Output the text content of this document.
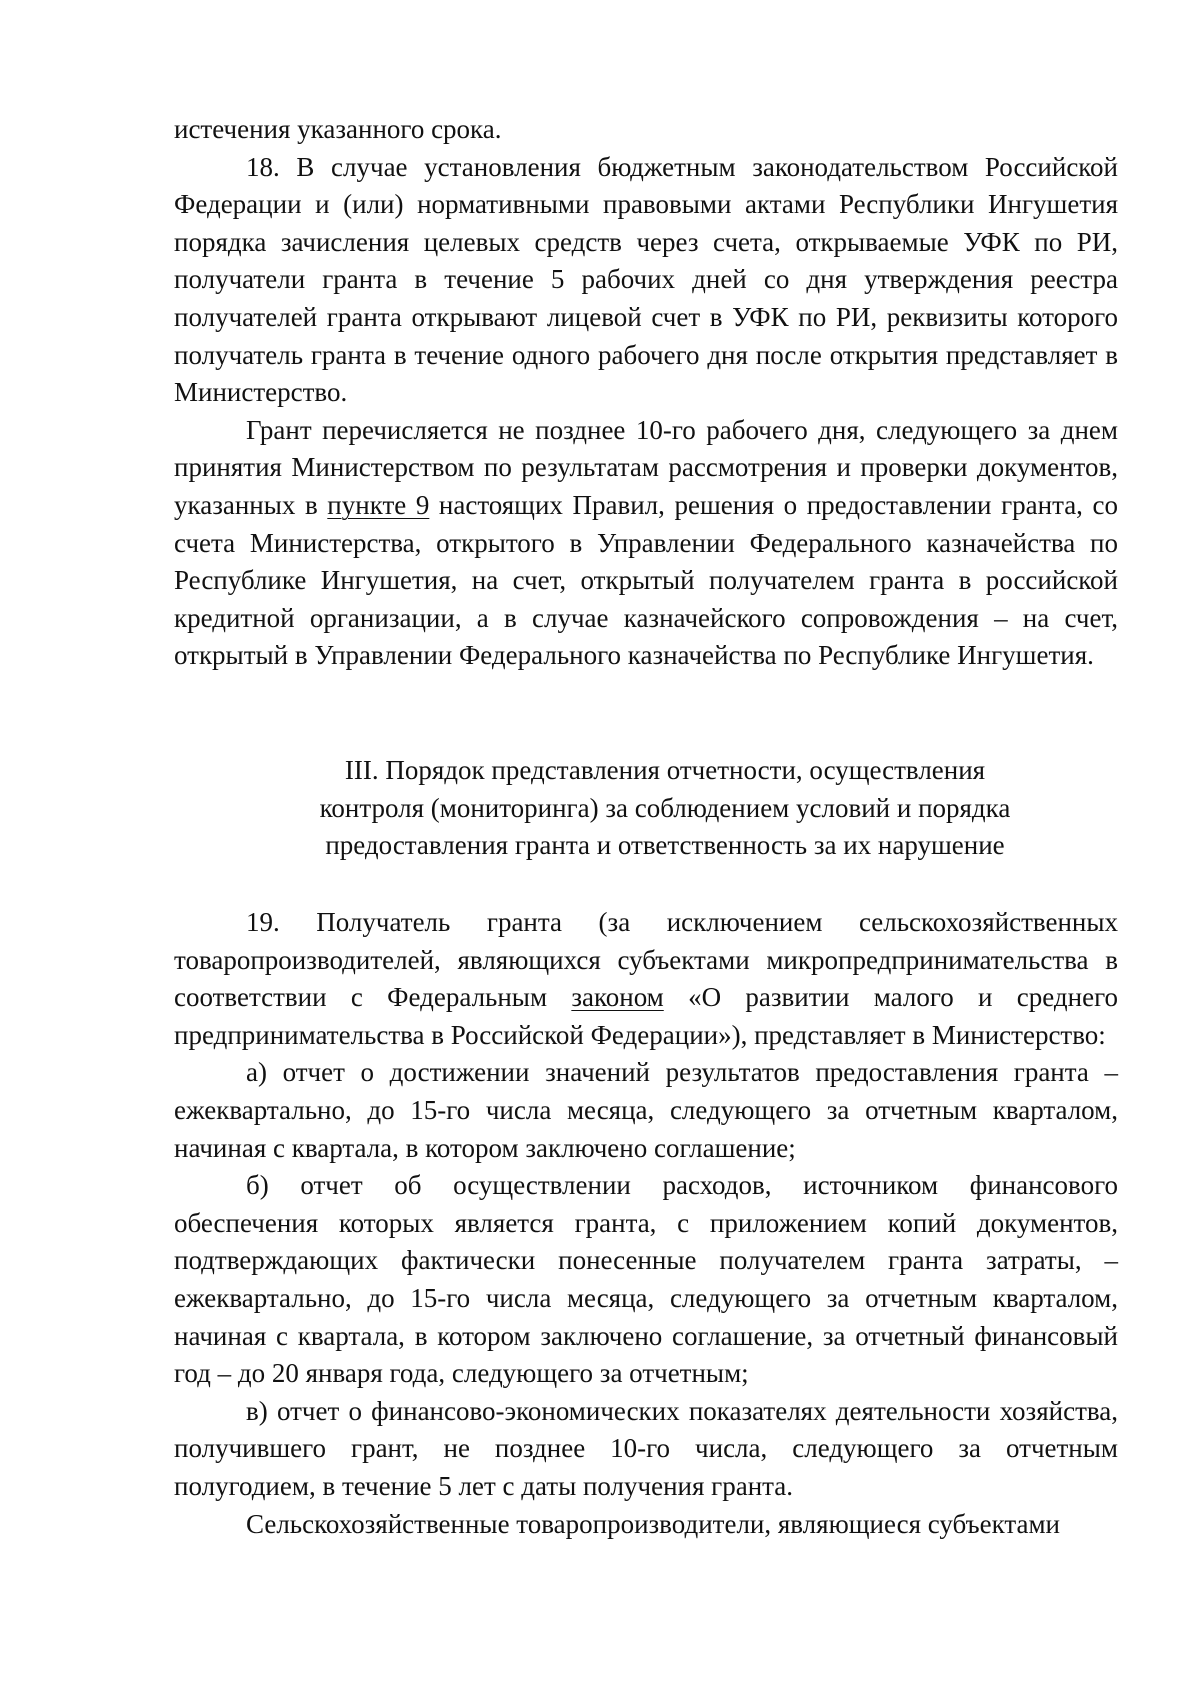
истечения указанного срока.

18. В случае установления бюджетным законодательством Российской Федерации и (или) нормативными правовыми актами Республики Ингушетия порядка зачисления целевых средств через счета, открываемые УФК по РИ, получатели гранта в течение 5 рабочих дней со дня утверждения реестра получателей гранта открывают лицевой счет в УФК по РИ, реквизиты которого получатель гранта в течение одного рабочего дня после открытия представляет в Министерство.

Грант перечисляется не позднее 10-го рабочего дня, следующего за днем принятия Министерством по результатам рассмотрения и проверки документов, указанных в пункте 9 настоящих Правил, решения о предоставлении гранта, со счета Министерства, открытого в Управлении Федерального казначейства по Республике Ингушетия, на счет, открытый получателем гранта в российской кредитной организации, а в случае казначейского сопровождения – на счет, открытый в Управлении Федерального казначейства по Республике Ингушетия.

III. Порядок представления отчетности, осуществления
контроля (мониторинга) за соблюдением условий и порядка
предоставления гранта и ответственность за их нарушение

19. Получатель гранта (за исключением сельскохозяйственных товаропроизводителей, являющихся субъектами микропредпринимательства в соответствии с Федеральным законом «О развитии малого и среднего предпринимательства в Российской Федерации»), представляет в Министерство:

а) отчет о достижении значений результатов предоставления гранта – ежеквартально, до 15-го числа месяца, следующего за отчетным кварталом, начиная с квартала, в котором заключено соглашение;

б) отчет об осуществлении расходов, источником финансового обеспечения которых является гранта, с приложением копий документов, подтверждающих фактически понесенные получателем гранта затраты, – ежеквартально, до 15-го числа месяца, следующего за отчетным кварталом, начиная с квартала, в котором заключено соглашение, за отчетный финансовый год – до 20 января года, следующего за отчетным;

в) отчет о финансово-экономических показателях деятельности хозяйства, получившего грант, не позднее 10-го числа, следующего за отчетным полугодием, в течение 5 лет с даты получения гранта.

Сельскохозяйственные товаропроизводители, являющиеся субъектами
